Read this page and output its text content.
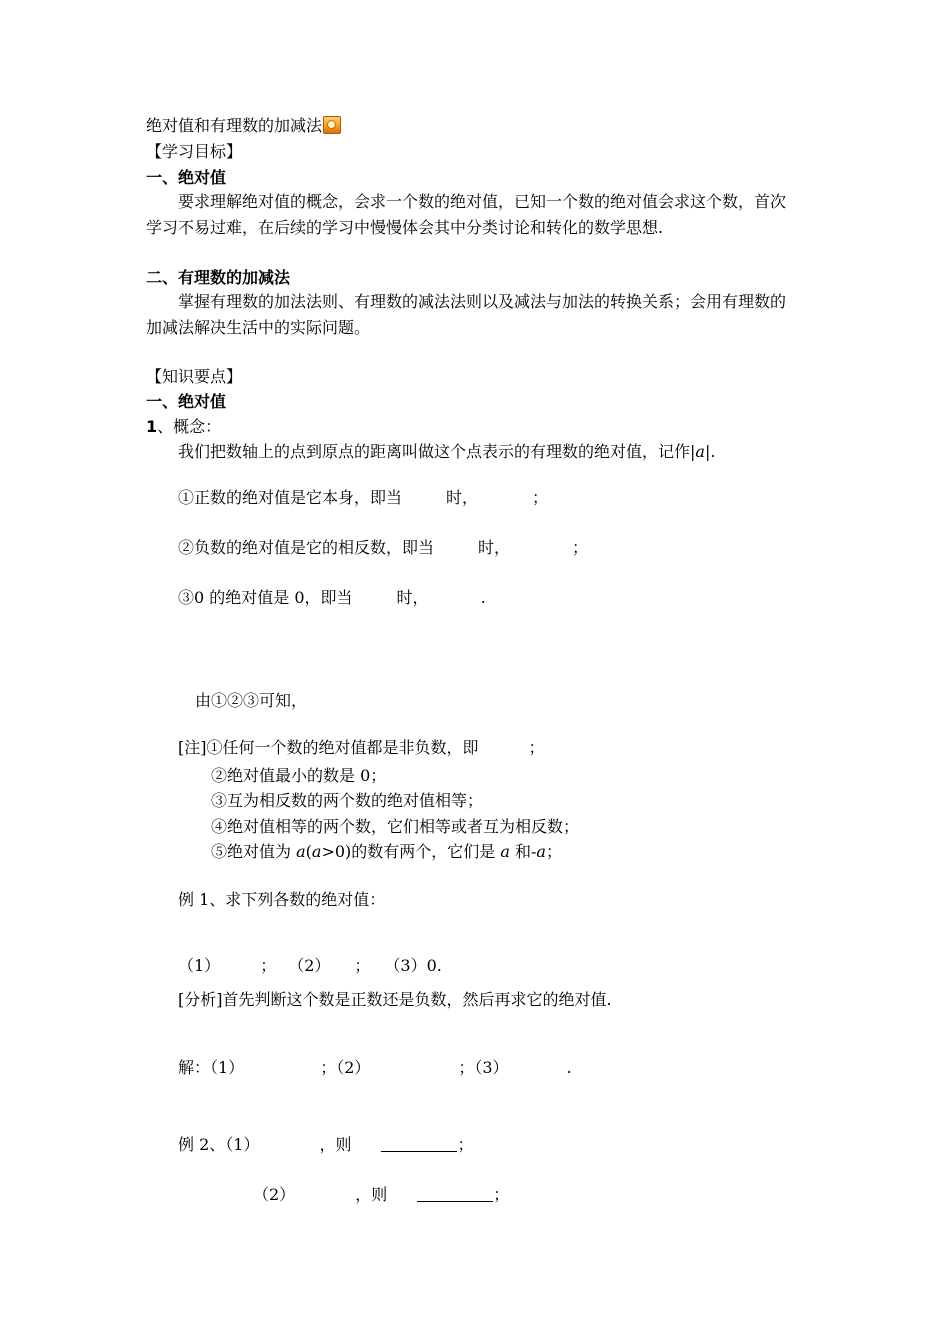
绝对值和有理数的加减法
【学习目标】
一、绝对值
要求理解绝对值的概念，会求一个数的绝对值，已知一个数的绝对值会求这个数，首次
学习不易过难，在后续的学习中慢慢体会其中分类讨论和转化的数学思想.
二、有理数的加减法
掌握有理数的加法法则、有理数的减法法则以及减法与加法的转换关系；会用有理数的
加减法解决生活中的实际问题。
【知识要点】
一、绝对值
1、概念：
我们把数轴上的点到原点的距离叫做这个点表示的有理数的绝对值，记作|a|.
①正数的绝对值是它本身，即当	时，	；
②负数的绝对值是它的相反数，即当	时，	；
③0 的绝对值是 0，即当	时，	.
由①②③可知，
[注]①任何一个数的绝对值都是非负数，即	；
②绝对值最小的数是 0；
③互为相反数的两个数的绝对值相等；
④绝对值相等的两个数，它们相等或者互为相反数；
⑤绝对值为 a(a>0)的数有两个，它们是 a 和-a；
例 1、求下列各数的绝对值：
（1）	； （2） ； （3）0.
[分析]首先判断这个数是正数还是负数，然后再求它的绝对值.
解：（1）	；（2）	；（3）	.
例 2、（1）	，则	；
（2）	，则	；
